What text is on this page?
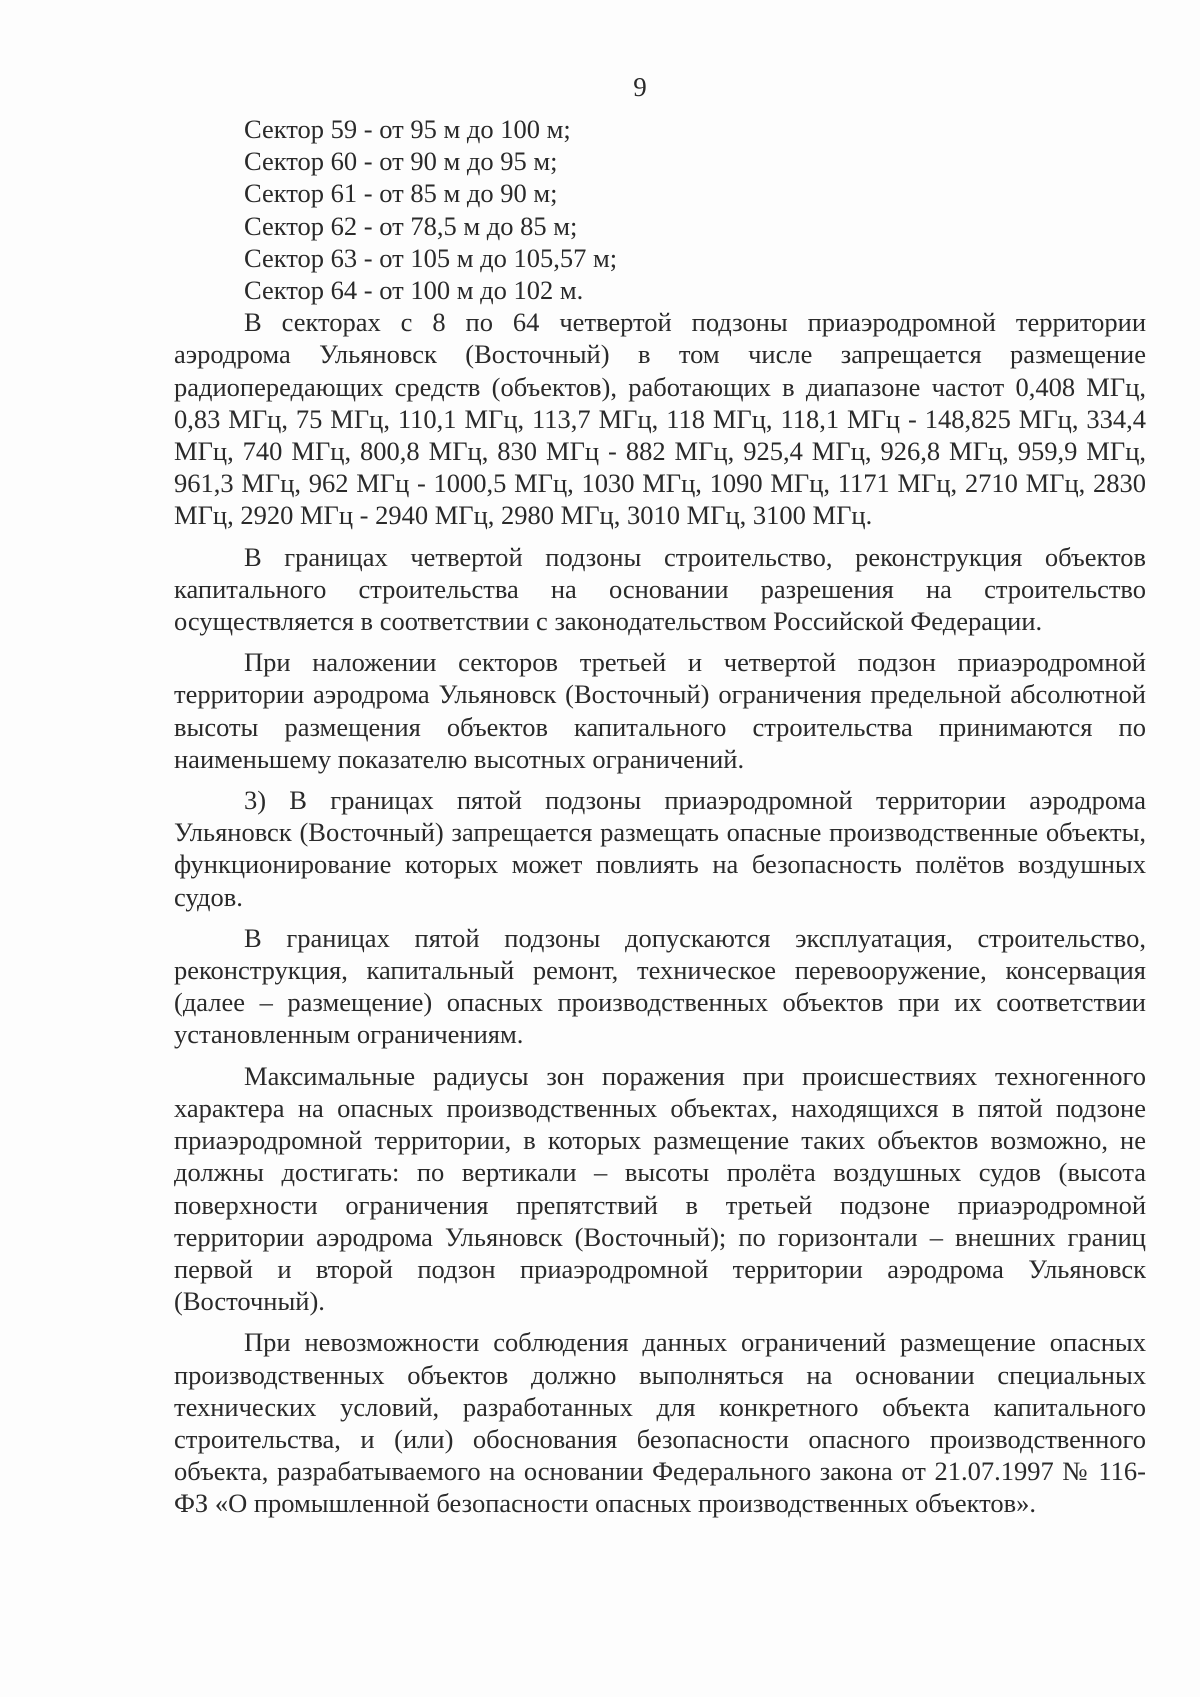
9
Сектор 59 - от 95 м до 100 м;
Сектор 60 - от 90 м до 95 м;
Сектор 61 - от 85 м до 90 м;
Сектор 62 - от 78,5 м до 85 м;
Сектор 63 - от 105 м до 105,57 м;
Сектор 64 - от 100 м до 102 м.

В секторах с 8 по 64 четвертой подзоны приаэродромной территории аэродрома Ульяновск (Восточный) в том числе запрещается размещение радиопередающих средств (объектов), работающих в диапазоне частот 0,408 МГц, 0,83 МГц, 75 МГц, 110,1 МГц, 113,7 МГц, 118 МГц, 118,1 МГц - 148,825 МГц, 334,4 МГц, 740 МГц, 800,8 МГц, 830 МГц - 882 МГц, 925,4 МГц, 926,8 МГц, 959,9 МГц, 961,3 МГц, 962 МГц - 1000,5 МГц, 1030 МГц, 1090 МГц, 1171 МГц, 2710 МГц, 2830 МГц, 2920 МГц - 2940 МГц, 2980 МГц, 3010 МГц, 3100 МГц.

В границах четвертой подзоны строительство, реконструкция объектов капитального строительства на основании разрешения на строительство осуществляется в соответствии с законодательством Российской Федерации.

При наложении секторов третьей и четвертой подзон приаэродромной территории аэродрома Ульяновск (Восточный) ограничения предельной абсолютной высоты размещения объектов капитального строительства принимаются по наименьшему показателю высотных ограничений.

3) В границах пятой подзоны приаэродромной территории аэродрома Ульяновск (Восточный) запрещается размещать опасные производственные объекты, функционирование которых может повлиять на безопасность полётов воздушных судов.

В границах пятой подзоны допускаются эксплуатация, строительство, реконструкция, капитальный ремонт, техническое перевооружение, консервация (далее – размещение) опасных производственных объектов при их соответствии установленным ограничениям.

Максимальные радиусы зон поражения при происшествиях техногенного характера на опасных производственных объектах, находящихся в пятой подзоне приаэродромной территории, в которых размещение таких объектов возможно, не должны достигать: по вертикали – высоты пролёта воздушных судов (высота поверхности ограничения препятствий в третьей подзоне приаэродромной территории аэродрома Ульяновск (Восточный); по горизонтали – внешних границ первой и второй подзон приаэродромной территории аэродрома Ульяновск (Восточный).

При невозможности соблюдения данных ограничений размещение опасных производственных объектов должно выполняться на основании специальных технических условий, разработанных для конкретного объекта капитального строительства, и (или) обоснования безопасности опасного производственного объекта, разрабатываемого на основании Федерального закона от 21.07.1997 № 116-ФЗ «О промышленной безопасности опасных производственных объектов».
